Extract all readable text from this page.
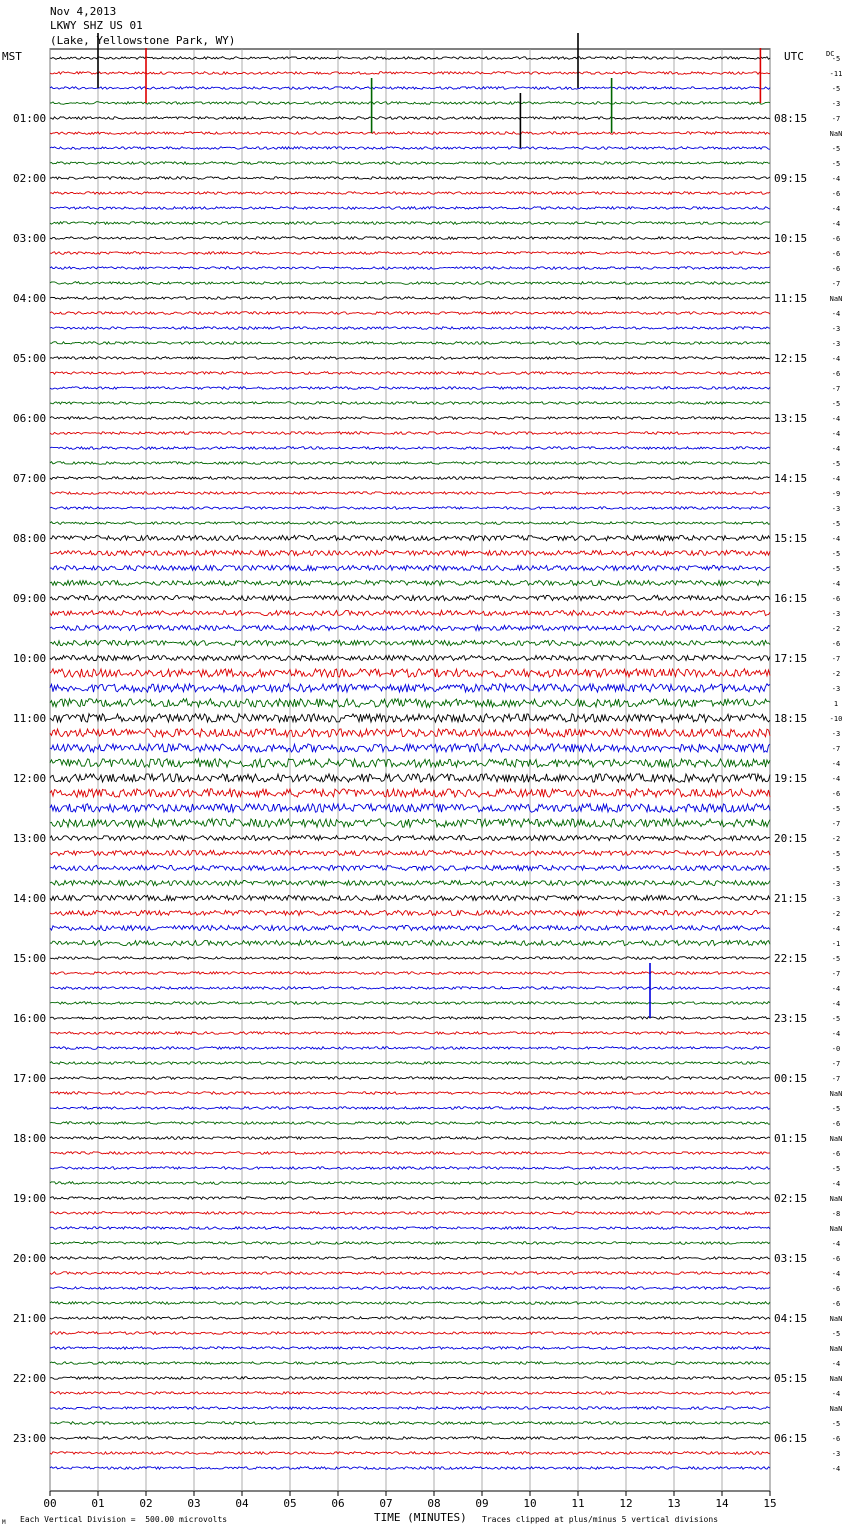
Nov 4,2013
LKWY SHZ US 01
(Lake, Yellowstone Park, WY)
MST	UTC
00	01	02	03	04	05	06	07	08	09	10	11	12	13	14	15
-5
-11
-5
-3
-7
NaN
-5
-5
-4
-6
-4
-4
-6
-6
-6
-7
NaN
-4
-3
-3
-4
-6
-7
-5
-4
-4
-4
-5
-4
-9
-3
-5
-4
-5
-5
-4
-6
-3
-2
-6
-7
-2
-3
1
-10
-3
-7
-4
-4
-6
-5
-7
-2
-5
-5
-3
-3
-2
-4
-1
-5
-7
-4
-4
-5
-4
-0
-7
-7
NaN
-5
-6
NaN
-6
-5
-4
NaN
-8
NaN
-4
-6
-4
-6
-6
NaN
-5
NaN
-4
NaN
-4
NaN
-5
-6
-3
-4
01:00
02:00
03:00
04:00
05:00
06:00
07:00
08:00
09:00
10:00
11:00
12:00
13:00
14:00
15:00
16:00
17:00
18:00
19:00
20:00
21:00
22:00
23:00
08:15
09:15
10:15
11:15
12:15
13:15
14:15
15:15
16:15
17:15
18:15
19:15
20:15
21:15
22:15
23:15
00:15
01:15
02:15
03:15
04:15
05:15
06:15
DC
M Each Vertical Division =  500.00 microvolts	TIME (MINUTES) Traces clipped at plus/minus 5 vertical divisions
